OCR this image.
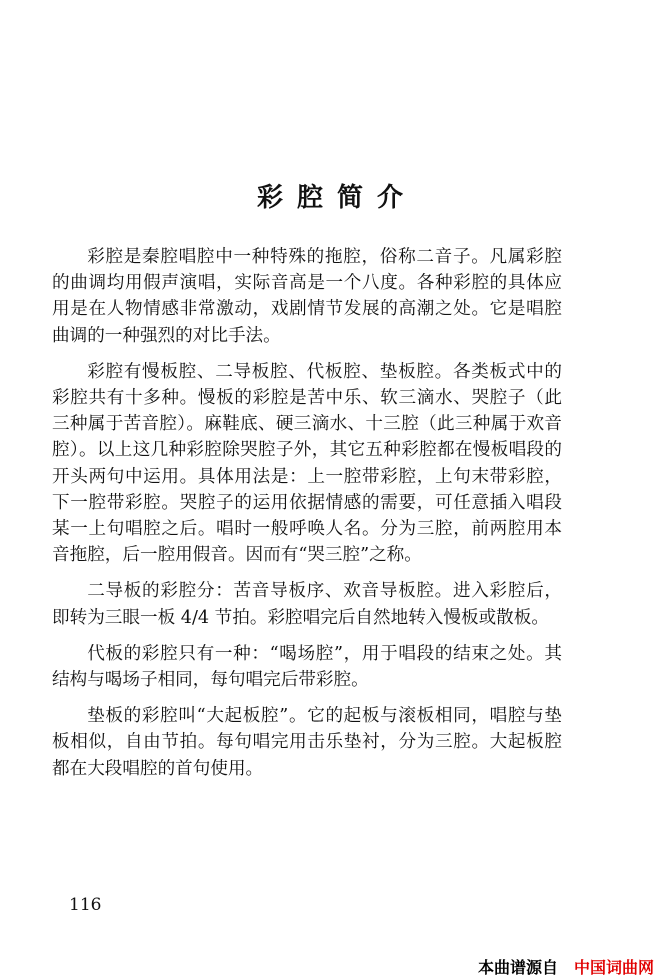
彩腔简介

彩腔是秦腔唱腔中一种特殊的拖腔，俗称二音子。凡属彩腔的曲调均用假声演唱，实际音高是一个八度。各种彩腔的具体应用是在人物情感非常激动，戏剧情节发展的高潮之处。它是唱腔曲调的一种强烈的对比手法。

彩腔有慢板腔、二导板腔、代板腔、垫板腔。各类板式中的彩腔共有十多种。慢板的彩腔是苦中乐、软三滴水、哭腔子（此三种属于苦音腔）。麻鞋底、硬三滴水、十三腔（此三种属于欢音腔）。以上这几种彩腔除哭腔子外，其它五种彩腔都在慢板唱段的开头两句中运用。具体用法是：上一腔带彩腔，上句末带彩腔，下一腔带彩腔。哭腔子的运用依据情感的需要，可任意插入唱段某一上句唱腔之后。唱时一般呼唤人名。分为三腔，前两腔用本音拖腔，后一腔用假音。因而有“哭三腔”之称。

二导板的彩腔分：苦音导板序、欢音导板腔。进入彩腔后，即转为三眼一板 4/4 节拍。彩腔唱完后自然地转入慢板或散板。

代板的彩腔只有一种：“喝场腔”，用于唱段的结束之处。其结构与喝场子相同，每句唱完后带彩腔。

垫板的彩腔叫“大起板腔”。它的起板与滚板相同，唱腔与垫板相似，自由节拍。每句唱完用击乐垫衬，分为三腔。大起板腔都在大段唱腔的首句使用。

116
本曲谱源自 中国词曲网
